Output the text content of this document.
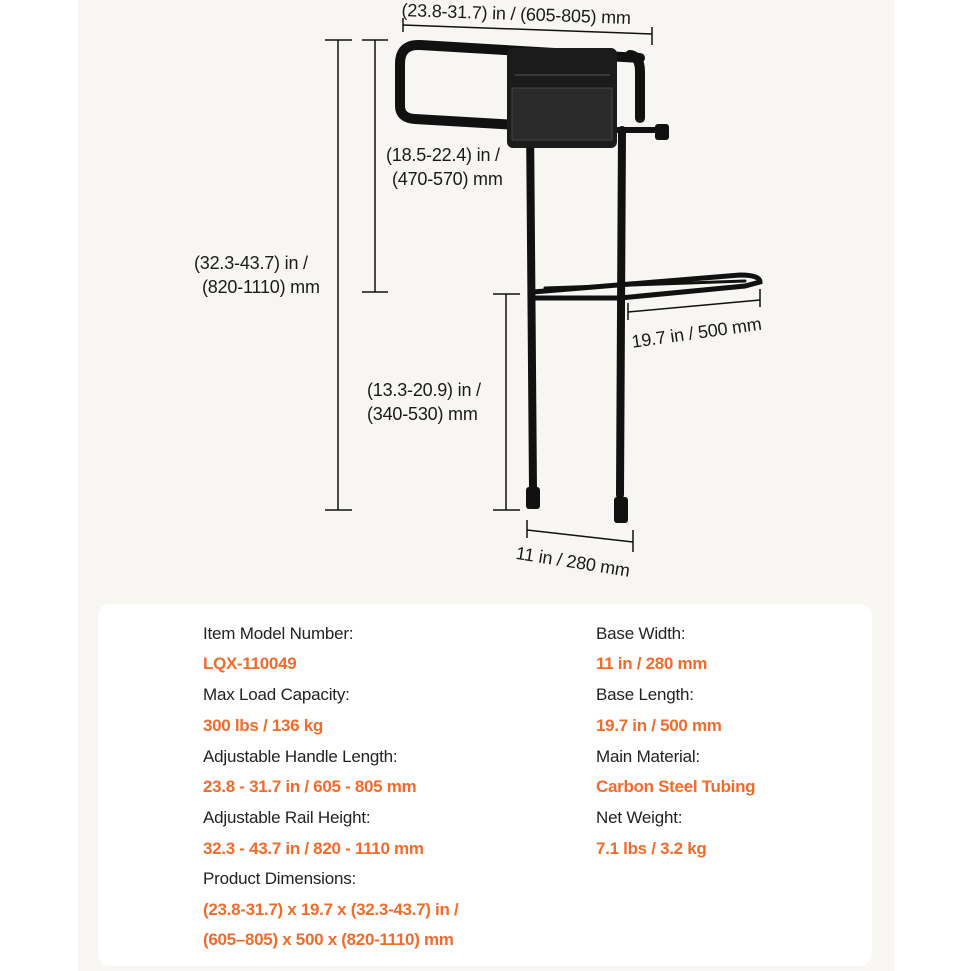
(23.8-31.7) in / (605-805) mm
(18.5-22.4) in /
(470-570) mm
(32.3-43.7) in /
(820-1110) mm
19.7 in / 500 mm
(13.3-20.9) in /
(340-530) mm
11 in / 280 mm
Item Model Number:
LQX-110049
Max Load Capacity:
300 lbs / 136 kg
Adjustable Handle Length:
23.8 - 31.7 in / 605 - 805 mm
Adjustable Rail Height:
32.3 - 43.7 in / 820 - 1110 mm
Product Dimensions:
(23.8-31.7) x 19.7 x (32.3-43.7) in /
(605–805) x 500 x (820-1110) mm
Base Width:
11 in / 280 mm
Base Length:
19.7 in / 500 mm
Main Material:
Carbon Steel Tubing
Net Weight:
7.1 lbs / 3.2 kg
